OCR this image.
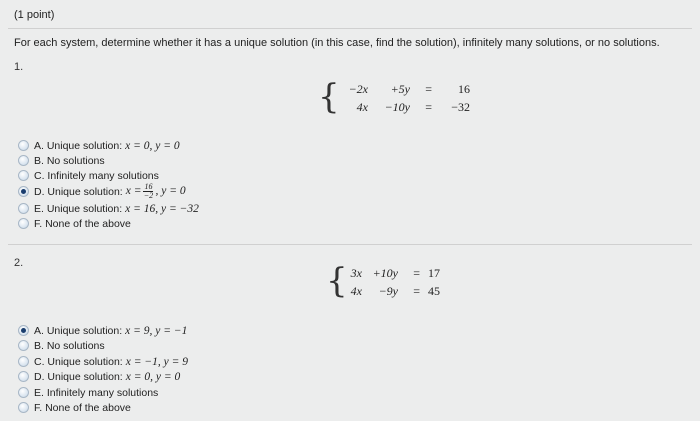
(1 point)
For each system, determine whether it has a unique solution (in this case, find the solution), infinitely many solutions, or no solutions.
1.
{ −2x	+5y	=	16
4x	−10y	=	−32
A. Unique solution: x = 0, y = 0
B. No solutions
C. Infinitely many solutions
D. Unique solution: $x = \frac{16}{-2}$ , y = 0
E. Unique solution: x = 16, y = −32
F. None of the above
2.	{ 3x +10y	= 17
4x	−9y	= 45
A. Unique solution: x = 9, y = −1
B. No solutions
C. Unique solution: x = −1, y = 9
D. Unique solution: x = 0, y = 0
E. Infinitely many solutions
F. None of the above
